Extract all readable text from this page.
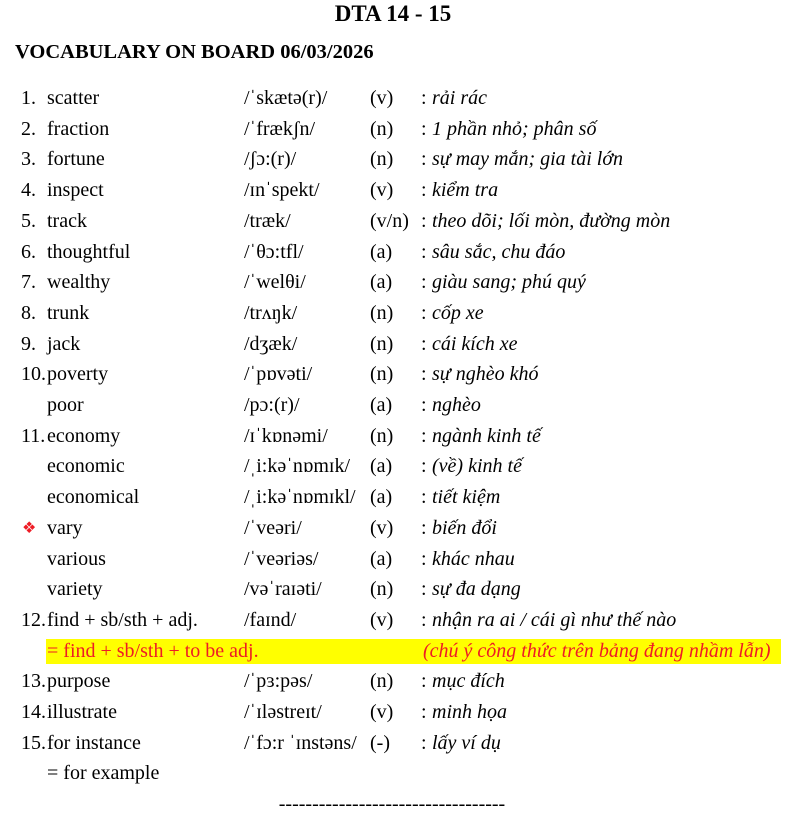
DTA 14 - 15
VOCABULARY ON BOARD 06/03/2026
1. scatter	/ˈskætə(r)/ (v) : rải rác
2. fraction	/ˈfrækʃn/	(n) : 1 phần nhỏ; phân số
3. fortune	/ʃɔ:(r)/	(n) : sự may mắn; gia tài lớn
4. inspect	/ɪnˈspekt/	(v) : kiểm tra
5. track	/træk/	(v/n) : theo dõi; lối mòn, đường mòn
6. thoughtful	/ˈθɔ:tfl/	(a) : sâu sắc, chu đáo
7. wealthy	/ˈwelθi/	(a) : giàu sang; phú quý
8. trunk	/trʌŋk/	(n) : cốp xe
9. jack	/dʒæk/	(n) : cái kích xe
10. poverty	/ˈpɒvəti/	(n) : sự nghèo khó
poor	/pɔ:(r)/	(a) : nghèo
11. economy	/ɪˈkɒnəmi/ (n) : ngành kinh tế
economic	/ˌi:kəˈnɒmɪk/ (a) : (về) kinh tế
economical	/ˌi:kəˈnɒmɪkl/ (a) : tiết kiệm
❖ vary	/ˈveəri/	(v) : biến đổi
various	/ˈveəriəs/	(a) : khác nhau
variety	/vəˈraɪəti/ (n) : sự đa dạng
12. find + sb/sth + adj. /faɪnd/	(v) : nhận ra ai / cái gì như thế nào
= find + sb/sth + to be adj.	(chú ý công thức trên bảng đang nhầm lẫn)
13. purpose	/ˈpɜ:pəs/	(n) : mục đích
14. illustrate	/ˈɪləstreɪt/ (v) : minh họa
15. for instance	/ˈfɔ:r ˈɪnstəns/ (-) : lấy ví dụ
= for example
----------------------------------
